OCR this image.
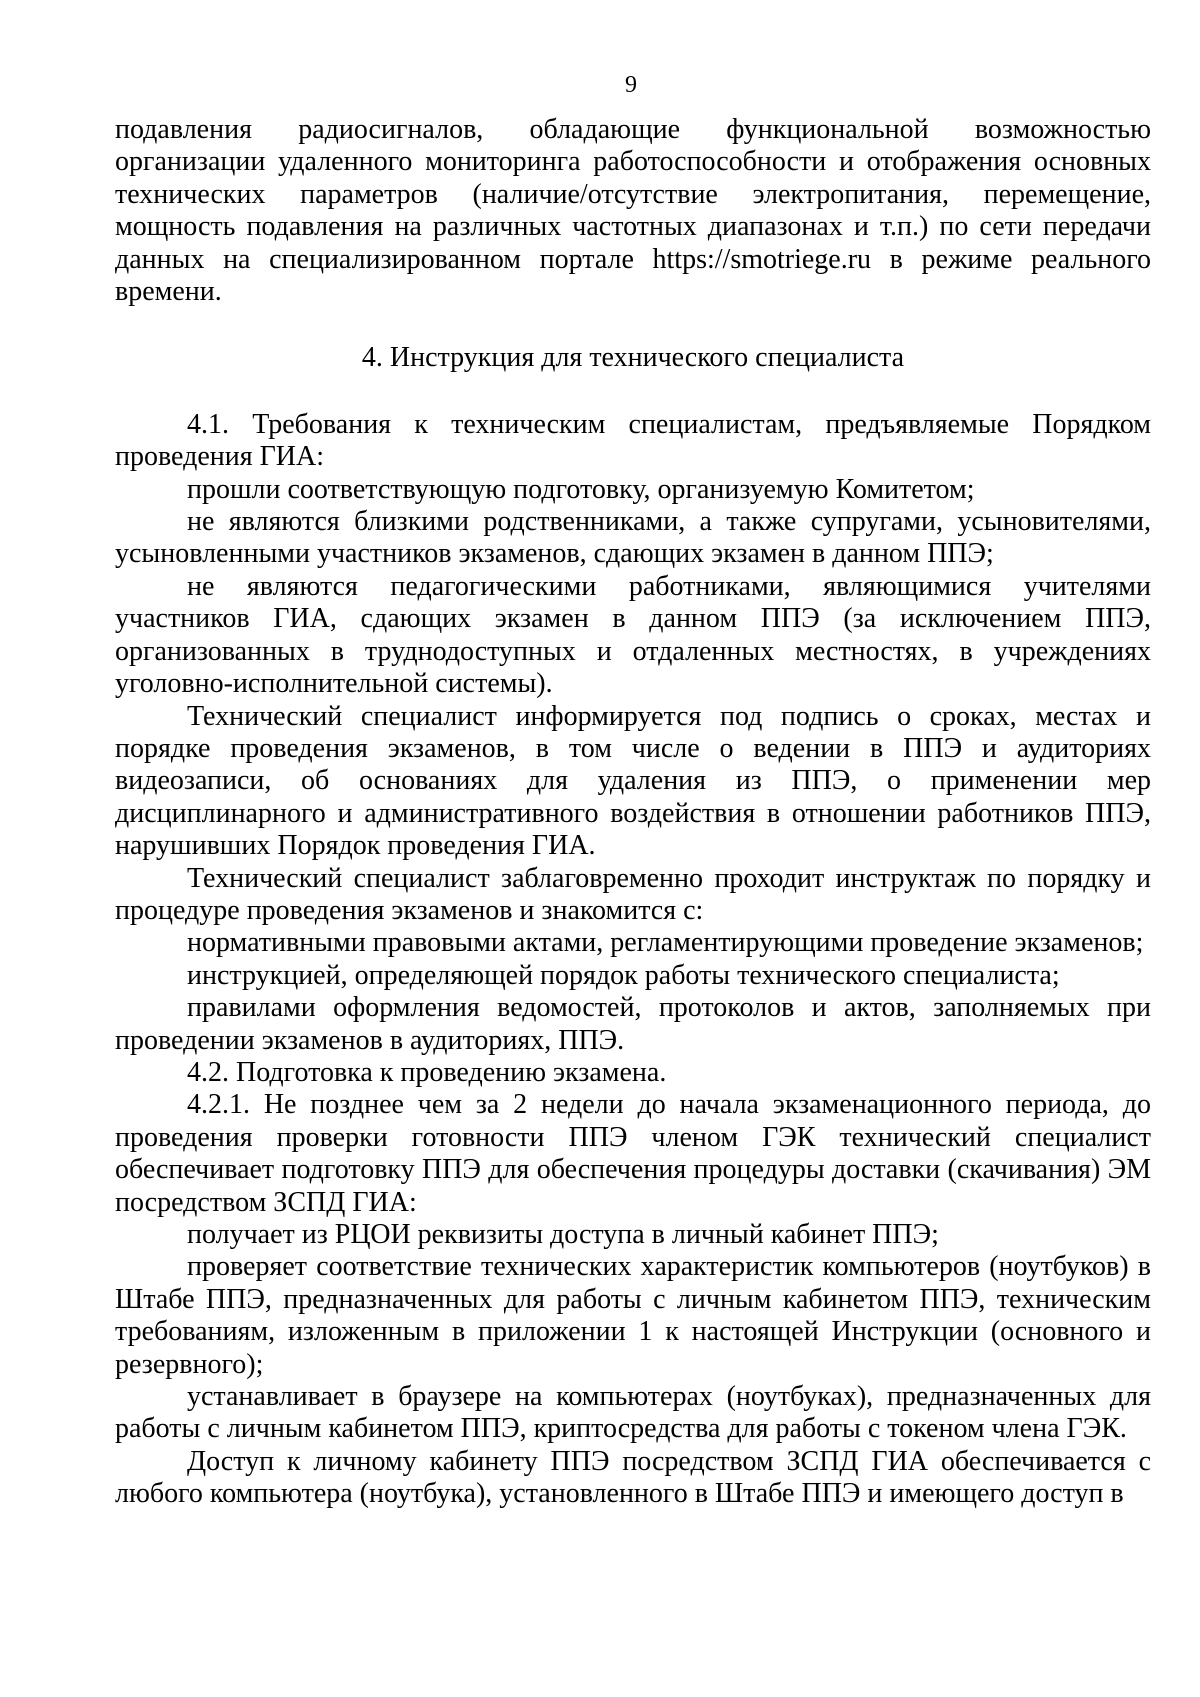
9

подавления радиосигналов, обладающие функциональной возможностью организации удаленного мониторинга работоспособности и отображения основных технических параметров (наличие/отсутствие электропитания, перемещение, мощность подавления на различных частотных диапазонах и т.п.) по сети передачи данных на специализированном портале https://smotriege.ru в режиме реального времени.

4. Инструкция для технического специалиста

4.1. Требования к техническим специалистам, предъявляемые Порядком проведения ГИА:

прошли соответствующую подготовку, организуемую Комитетом;

не являются близкими родственниками, а также супругами, усыновителями, усыновленными участников экзаменов, сдающих экзамен в данном ППЭ;

не являются педагогическими работниками, являющимися учителями участников ГИА, сдающих экзамен в данном ППЭ (за исключением ППЭ, организованных в труднодоступных и отдаленных местностях, в учреждениях уголовно-исполнительной системы).

Технический специалист информируется под подпись о сроках, местах и порядке проведения экзаменов, в том числе о ведении в ППЭ и аудиториях видеозаписи, об основаниях для удаления из ППЭ, о применении мер дисциплинарного и административного воздействия в отношении работников ППЭ, нарушивших Порядок проведения ГИА.

Технический специалист заблаговременно проходит инструктаж по порядку и процедуре проведения экзаменов и знакомится с:

нормативными правовыми актами, регламентирующими проведение экзаменов;

инструкцией, определяющей порядок работы технического специалиста;

правилами оформления ведомостей, протоколов и актов, заполняемых при проведении экзаменов в аудиториях, ППЭ.

4.2. Подготовка к проведению экзамена.

4.2.1. Не позднее чем за 2 недели до начала экзаменационного периода, до проведения проверки готовности ППЭ членом ГЭК технический специалист обеспечивает подготовку ППЭ для обеспечения процедуры доставки (скачивания) ЭМ посредством ЗСПД ГИА:

получает из РЦОИ реквизиты доступа в личный кабинет ППЭ;

проверяет соответствие технических характеристик компьютеров (ноутбуков) в Штабе ППЭ, предназначенных для работы с личным кабинетом ППЭ, техническим требованиям, изложенным в приложении 1 к настоящей Инструкции (основного и резервного);

устанавливает в браузере на компьютерах (ноутбуках), предназначенных для работы с личным кабинетом ППЭ, криптосредства для работы с токеном члена ГЭК.

Доступ к личному кабинету ППЭ посредством ЗСПД ГИА обеспечивается с любого компьютера (ноутбука), установленного в Штабе ППЭ и имеющего доступ в
